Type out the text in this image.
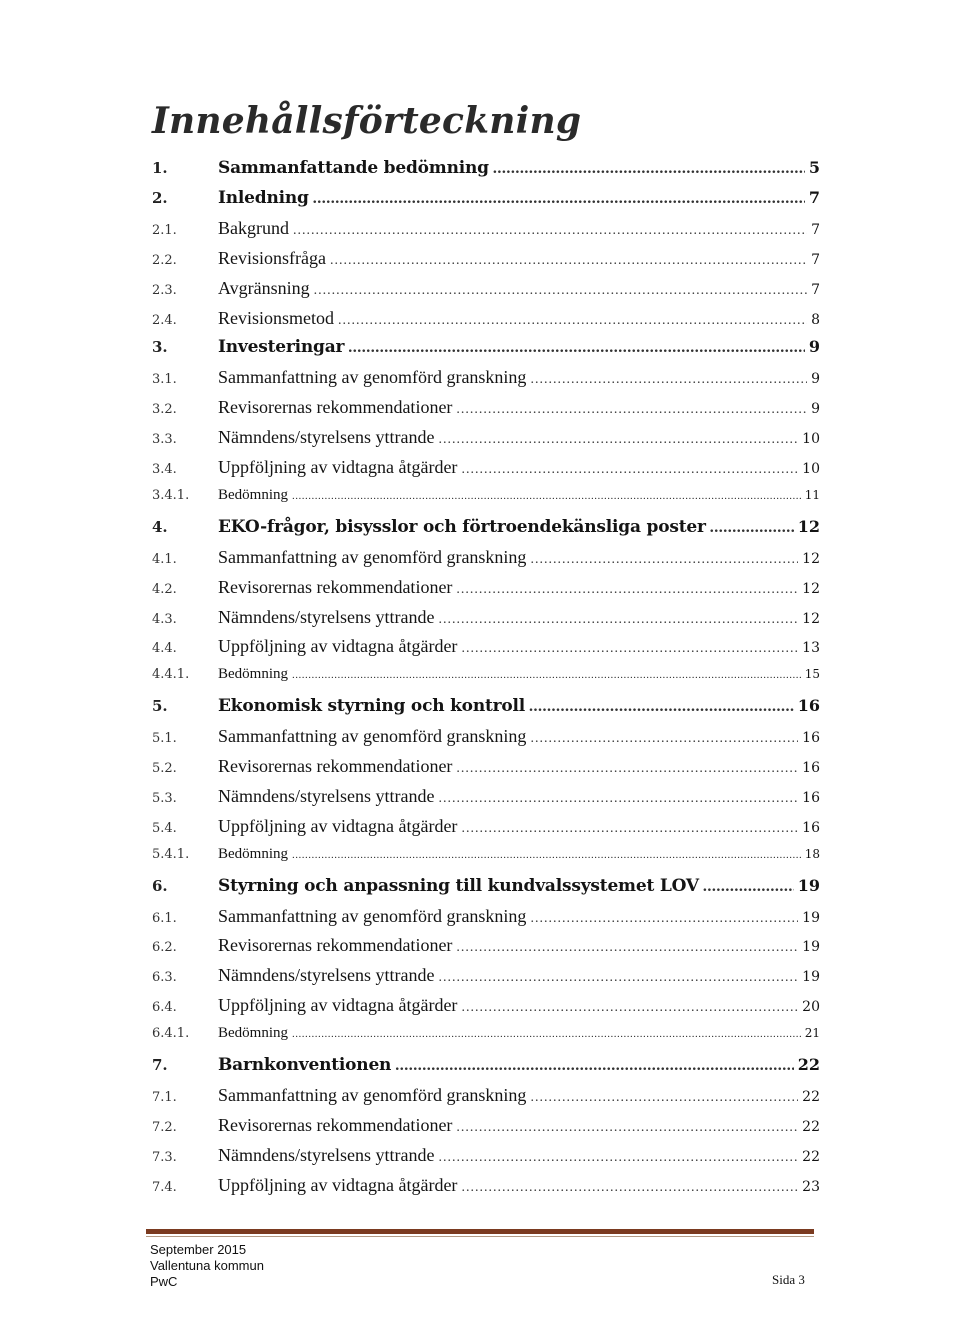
Innehållsförteckning
1.	Sammanfattande bedömning .....	5
2.	Inledning .....	7
2.1.	Bakgrund .....	7
2.2.	Revisionsfråga .....	7
2.3.	Avgränsning .....	7
2.4.	Revisionsmetod .....	8
3.	Investeringar .....	9
3.1.	Sammanfattning av genomförd granskning .....	9
3.2.	Revisorernas rekommendationer .....	9
3.3.	Nämndens/styrelsens yttrande .....	10
3.4.	Uppföljning av vidtagna åtgärder .....	10
3.4.1.	Bedömning .....	11
4.	EKO-frågor, bisysslor och förtroendekänsliga poster .....	12
4.1.	Sammanfattning av genomförd granskning .....	12
4.2.	Revisorernas rekommendationer .....	12
4.3.	Nämndens/styrelsens yttrande .....	12
4.4.	Uppföljning av vidtagna åtgärder .....	13
4.4.1.	Bedömning .....	15
5.	Ekonomisk styrning och kontroll .....	16
5.1.	Sammanfattning av genomförd granskning .....	16
5.2.	Revisorernas rekommendationer .....	16
5.3.	Nämndens/styrelsens yttrande .....	16
5.4.	Uppföljning av vidtagna åtgärder .....	16
5.4.1.	Bedömning .....	18
6.	Styrning och anpassning till kundvalssystemet LOV .....	19
6.1.	Sammanfattning av genomförd granskning .....	19
6.2.	Revisorernas rekommendationer .....	19
6.3.	Nämndens/styrelsens yttrande .....	19
6.4.	Uppföljning av vidtagna åtgärder .....	20
6.4.1.	Bedömning .....	21
7.	Barnkonventionen .....	22
7.1.	Sammanfattning av genomförd granskning .....	22
7.2.	Revisorernas rekommendationer .....	22
7.3.	Nämndens/styrelsens yttrande .....	22
7.4.	Uppföljning av vidtagna åtgärder .....	23
September 2015
Vallentuna kommun
PwC	Sida 3
